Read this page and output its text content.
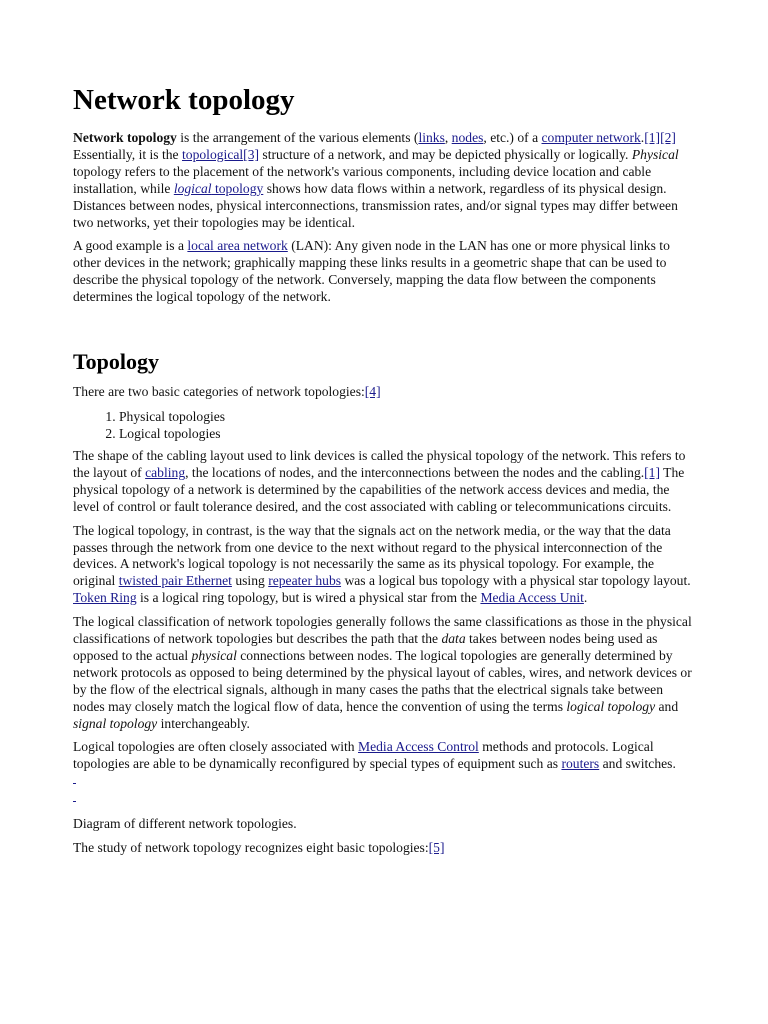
Network topology

Network topology is the arrangement of the various elements (links, nodes, etc.) of a computer network.[1][2] Essentially, it is the topological[3] structure of a network, and may be depicted physically or logically. Physical topology refers to the placement of the network's various components, including device location and cable installation, while logical topology shows how data flows within a network, regardless of its physical design. Distances between nodes, physical interconnections, transmission rates, and/or signal types may differ between two networks, yet their topologies may be identical.

A good example is a local area network (LAN): Any given node in the LAN has one or more physical links to other devices in the network; graphically mapping these links results in a geometric shape that can be used to describe the physical topology of the network. Conversely, mapping the data flow between the components determines the logical topology of the network.

Topology

There are two basic categories of network topologies:[4]

1. Physical topologies
2. Logical topologies

The shape of the cabling layout used to link devices is called the physical topology of the network. This refers to the layout of cabling, the locations of nodes, and the interconnections between the nodes and the cabling.[1] The physical topology of a network is determined by the capabilities of the network access devices and media, the level of control or fault tolerance desired, and the cost associated with cabling or telecommunications circuits.

The logical topology, in contrast, is the way that the signals act on the network media, or the way that the data passes through the network from one device to the next without regard to the physical interconnection of the devices. A network's logical topology is not necessarily the same as its physical topology. For example, the original twisted pair Ethernet using repeater hubs was a logical bus topology with a physical star topology layout. Token Ring is a logical ring topology, but is wired a physical star from the Media Access Unit.

The logical classification of network topologies generally follows the same classifications as those in the physical classifications of network topologies but describes the path that the data takes between nodes being used as opposed to the actual physical connections between nodes. The logical topologies are generally determined by network protocols as opposed to being determined by the physical layout of cables, wires, and network devices or by the flow of the electrical signals, although in many cases the paths that the electrical signals take between nodes may closely match the logical flow of data, hence the convention of using the terms logical topology and signal topology interchangeably.

Logical topologies are often closely associated with Media Access Control methods and protocols. Logical topologies are able to be dynamically reconfigured by special types of equipment such as routers and switches.

Diagram of different network topologies.

The study of network topology recognizes eight basic topologies:[5]
